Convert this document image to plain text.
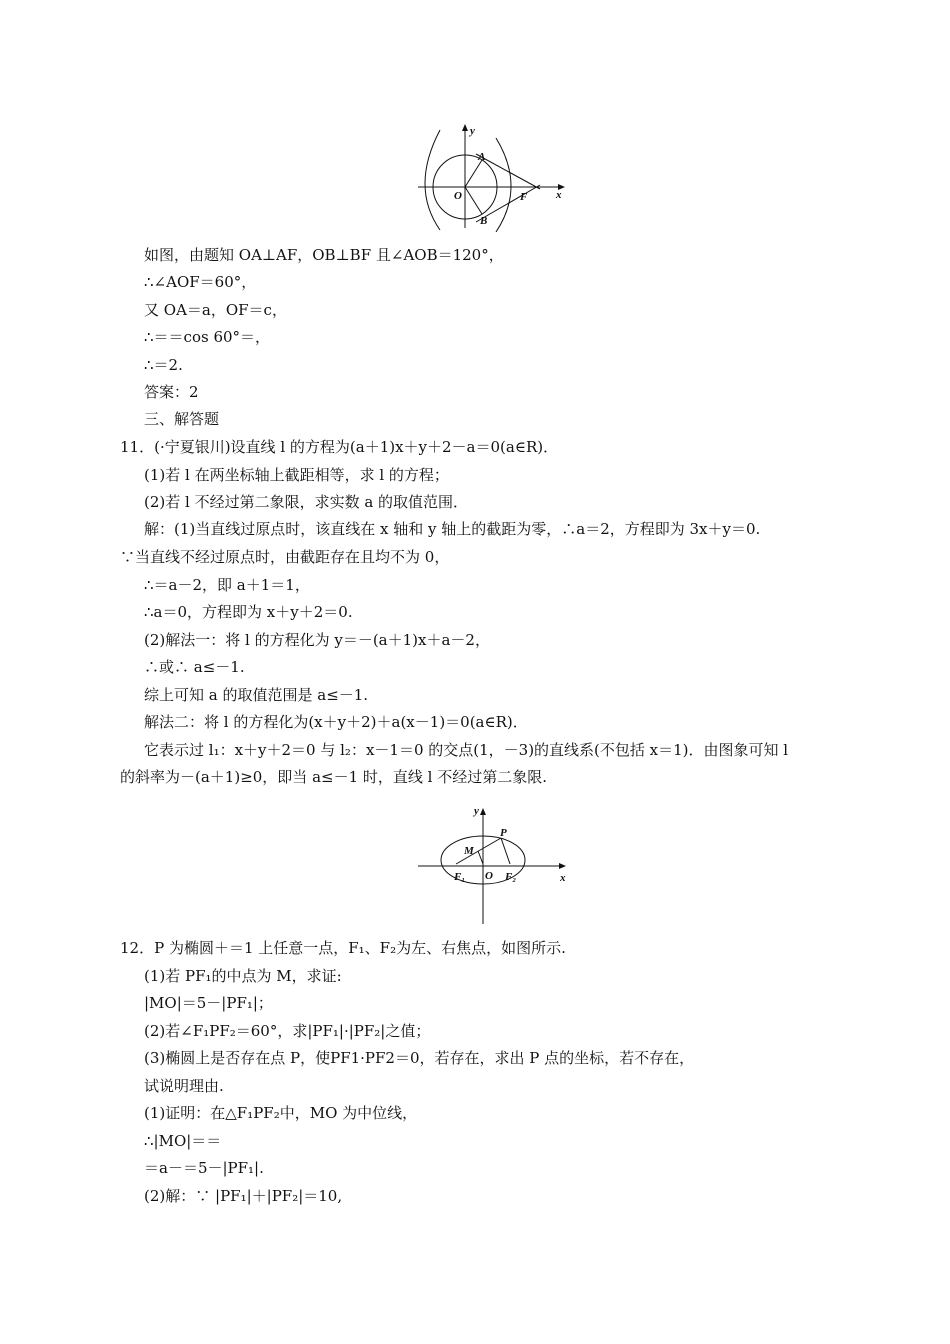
y
x
A
B
O	F
如图，由题知 OA⊥AF，OB⊥BF 且∠AOB＝120°，
∴∠AOF＝60°，
又 OA＝a，OF＝c，
∴＝＝cos 60°＝，
∴＝2.
答案：2
三、解答题
11．(·宁夏银川)设直线 l 的方程为(a＋1)x＋y＋2－a＝0(a∈R)．
(1)若 l 在两坐标轴上截距相等，求 l 的方程；
(2)若 l 不经过第二象限，求实数 a 的取值范围．
解：(1)当直线过原点时，该直线在 x 轴和 y 轴上的截距为零，∴a＝2，方程即为 3x＋y＝0.
∵当直线不经过原点时，由截距存在且均不为 0，
∴＝a－2，即 a＋1＝1，
∴a＝0，方程即为 x＋y＋2＝0.
(2)解法一：将 l 的方程化为 y＝－(a＋1)x＋a－2，
∴或∴ a≤－1.
综上可知 a 的取值范围是 a≤－1.
解法二：将 l 的方程化为(x＋y＋2)＋a(x－1)＝0(a∈R)．
它表示过 l₁：x＋y＋2＝0 与 l₂：x－1＝0 的交点(1，－3)的直线系(不包括 x＝1)．由图象可知 l
的斜率为－(a＋1)≥0，即当 a≤－1 时，直线 l 不经过第二象限.
y
x
P
M
O
F₁	F₂
12．P 为椭圆＋＝1 上任意一点，F₁、F₂为左、右焦点，如图所示.
(1)若 PF₁的中点为 M，求证:
|MO|＝5－|PF₁|；
(2)若∠F₁PF₂＝60°，求|PF₁|·|PF₂|之值；
(3)椭圆上是否存在点 P，使PF1·PF2＝0，若存在，求出 P 点的坐标，若不存在，
试说明理由.
(1)证明：在△F₁PF₂中，MO 为中位线，
∴|MO|＝＝
＝a－＝5－|PF₁|.
(2)解：∵ |PF₁|＋|PF₂|＝10,
